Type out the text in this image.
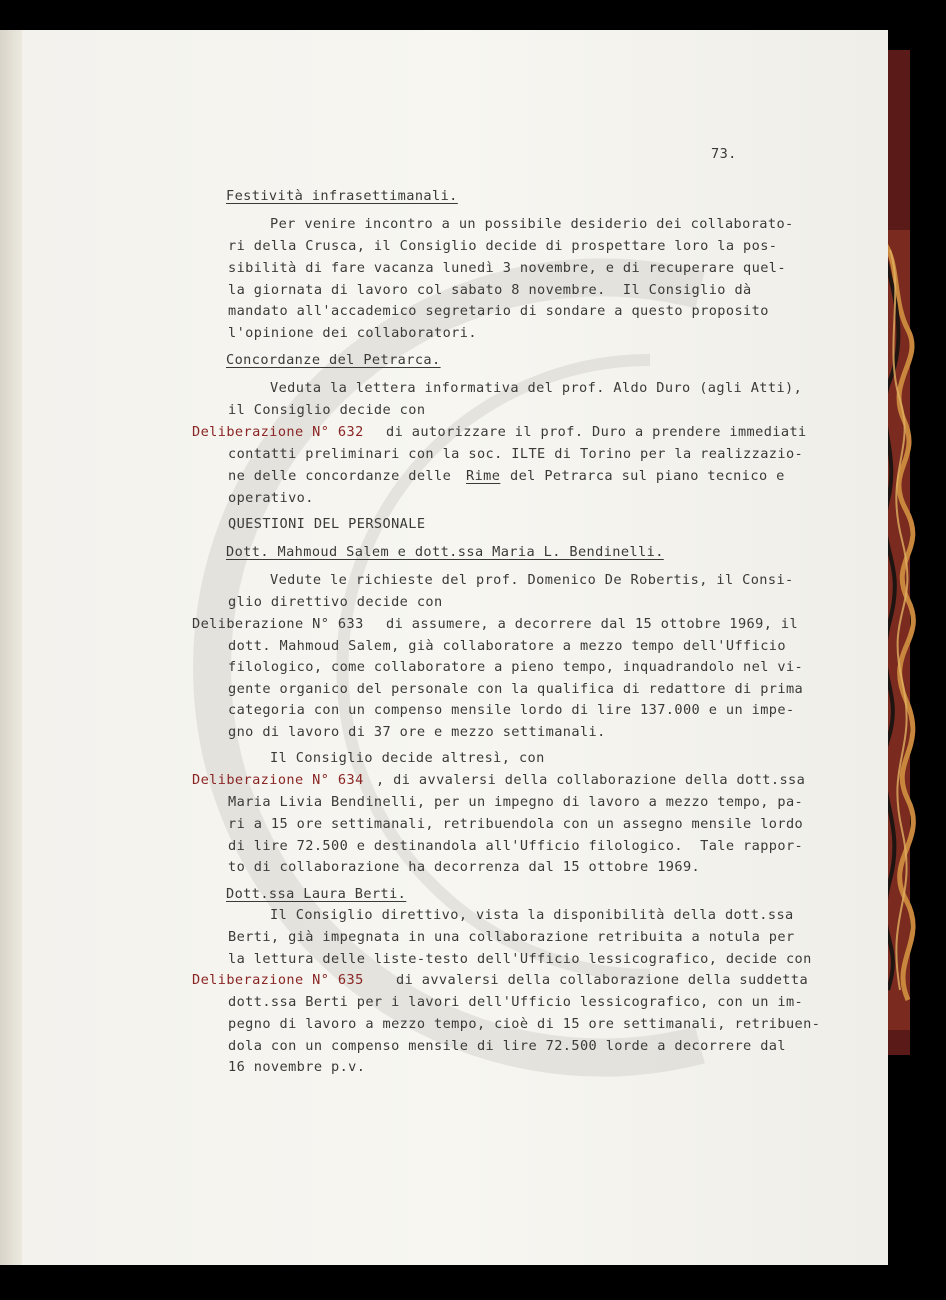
73.
Festività infrasettimanali.
Per venire incontro a un possibile desiderio dei collaborato-
ri della Crusca, il Consiglio decide di prospettare loro la pos-
sibilità di fare vacanza lunedì 3 novembre, e di recuperare quel-
la giornata di lavoro col sabato 8 novembre.  Il Consiglio dà
mandato all'accademico segretario di sondare a questo proposito
l'opinione dei collaboratori.
Concordanze del Petrarca.
Veduta la lettera informativa del prof. Aldo Duro (agli Atti),
il Consiglio decide con
Deliberazione N° 632 di autorizzare il prof. Duro a prendere immediati
contatti preliminari con la soc. ILTE di Torino per la realizzazio-
ne delle concordanze delle Rime del Petrarca sul piano tecnico e
operativo.
QUESTIONI DEL PERSONALE
Dott. Mahmoud Salem e dott.ssa Maria L. Bendinelli.
Vedute le richieste del prof. Domenico De Robertis, il Consi-
glio direttivo decide con
Deliberazione N° 633 di assumere, a decorrere dal 15 ottobre 1969, il
dott. Mahmoud Salem, già collaboratore a mezzo tempo dell'Ufficio
filologico, come collaboratore a pieno tempo, inquadrandolo nel vi-
gente organico del personale con la qualifica di redattore di prima
categoria con un compenso mensile lordo di lire 137.000 e un impe-
gno di lavoro di 37 ore e mezzo settimanali.
Il Consiglio decide altresì, con
Deliberazione N° 634 , di avvalersi della collaborazione della dott.ssa
Maria Livia Bendinelli, per un impegno di lavoro a mezzo tempo, pa-
ri a 15 ore settimanali, retribuendola con un assegno mensile lordo
di lire 72.500 e destinandola all'Ufficio filologico.  Tale rappor-
to di collaborazione ha decorrenza dal 15 ottobre 1969.
Dott.ssa Laura Berti.
Il Consiglio direttivo, vista la disponibilità della dott.ssa
Berti, già impegnata in una collaborazione retribuita a notula per
la lettura delle liste-testo dell'Ufficio lessicografico, decide con
Deliberazione N° 635 di avvalersi della collaborazione della suddetta
dott.ssa Berti per i lavori dell'Ufficio lessicografico, con un im-
pegno di lavoro a mezzo tempo, cioè di 15 ore settimanali, retribuen-
dola con un compenso mensile di lire 72.500 lorde a decorrere dal
16 novembre p.v.
